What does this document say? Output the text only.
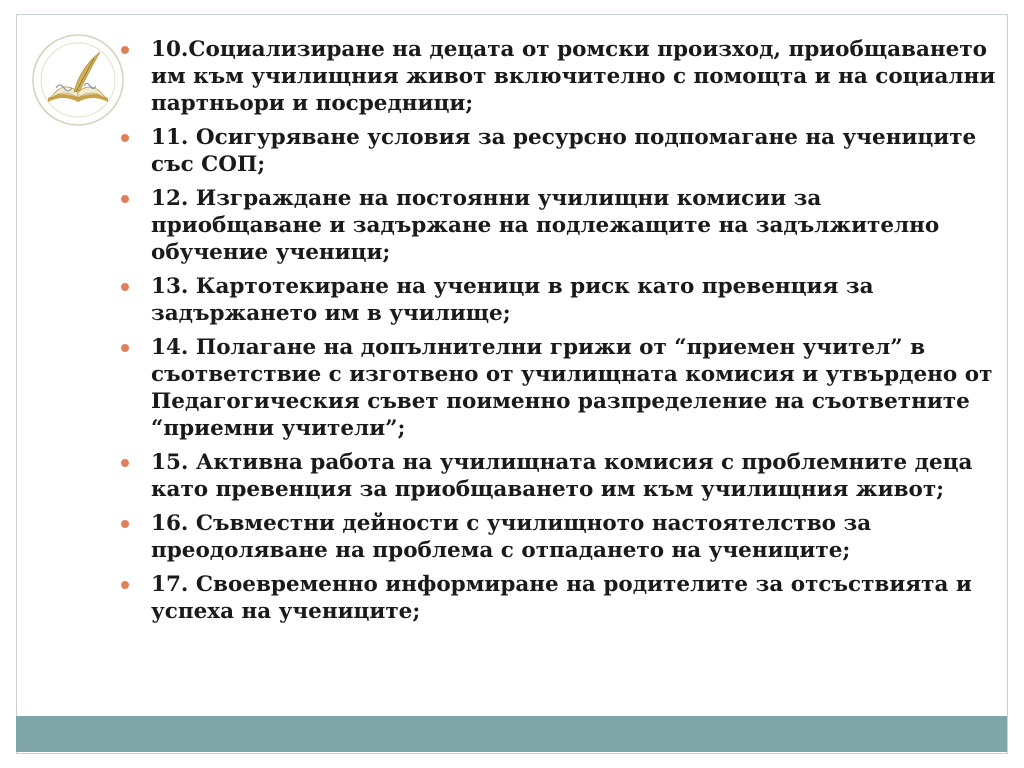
10.Социализиране на децата от ромски произход, приобщаването им към училищния живот включително с помощта и на социални партньори и посредници;
11. Осигуряване условия за ресурсно подпомагане на учениците със СОП;
12. Изграждане на постоянни училищни комисии за приобщаване и задържане на подлежащите на задължително обучение ученици;
13. Картотекиране на ученици в риск като превенция за задържането им в училище;
14. Полагане на допълнителни грижи от “приемен учител” в съответствие с изготвено от училищната комисия и утвърдено от Педагогическия съвет поименно разпределение на съответните “приемни учители”;
15. Активна работа на училищната комисия с проблемните деца като превенция за приобщаването им към училищния живот;
16. Съвместни дейности с училищното настоятелство за преодоляване на проблема с отпадането на учениците;
17. Своевременно информиране на родителите за отсъствията и успеха на учениците;
